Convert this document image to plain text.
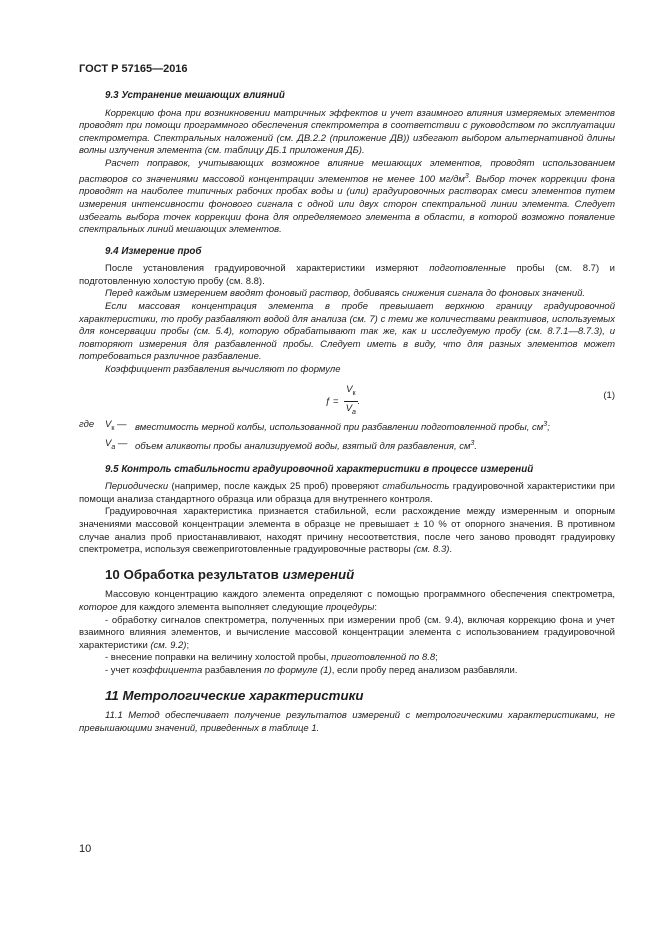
ГОСТ Р 57165—2016
9.3 Устранение мешающих влияний

Коррекцию фона при возникновении матричных эффектов и учет взаимного влияния измеряемых элементов проводят при помощи программного обеспечения спектрометра в соответствии с руководством по эксплуатации спектрометра. Спектральных наложений (см. ДВ.2.2 (приложение ДВ)) избегают выбором альтернативной длины волны излучения элемента (см. таблицу ДБ.1 приложения ДБ).

Расчет поправок, учитывающих возможное влияние мешающих элементов, проводят использованием растворов со значениями массовой концентрации элементов не менее 100 $мг/дм^3$. Выбор точек коррекции фона проводят на наиболее типичных рабочих пробах воды и (или) градуировочных растворах смеси элементов путем измерения интенсивности фонового сигнала с одной или двух сторон спектральной линии элемента. Следует избегать выбора точек коррекции фона для определяемого элемента в области, в которой возможно появление спектральных линий мешающих элементов.

9.4 Измерение проб

После установления градуировочной характеристики измеряют подготовленные пробы (см. 8.7) и подготовленную холостую пробу (см. 8.8).

Перед каждым измерением вводят фоновый раствор, добиваясь снижения сигнала до фоновых значений.

Если массовая концентрация элемента в пробе превышает верхнюю границу градуировочной характеристики, то пробу разбавляют водой для анализа (см. 7) с теми же количествами реактивов, используемых для консервации пробы (см. 5.4), которую обрабатывают так же, как и исследуемую пробу (см. 8.7.1—8.7.3), и повторяют измерения для разбавленной пробы. Следует иметь в виду, что для разных элементов может потребоваться различное разбавление.

Коэффициент разбавления вычисляют по формуле

ƒ = $\frac{V_к}{V_а}$ .
(1)
где	$V_к$ — вместимость мерной колбы, использованной при разбавлении подготовленной пробы, $см^3$;
$V_а$ — объем аликвоты пробы анализируемой воды, взятый для разбавления, $см^3$.
9.5 Контроль стабильности градуировочной характеристики в процессе измерений

Периодически (например, после каждых 25 проб) проверяют стабильность градуировочной характеристики при помощи анализа стандартного образца или образца для внутреннего контроля.

Градуировочная характеристика признается стабильной, если расхождение между измеренным и опорным значениями массовой концентрации элемента в образце не превышает ± 10 % от опорного значения. В противном случае анализ проб приостанавливают, находят причину несоответствия, после чего заново проводят градуировку спектрометра, используя свежеприготовленные градуировочные растворы (см. 8.3).

10 Обработка результатов измерений

Массовую концентрацию каждого элемента определяют с помощью программного обеспечения спектрометра, которое для каждого элемента выполняет следующие процедуры:

- обработку сигналов спектрометра, полученных при измерении проб (см. 9.4), включая коррекцию фона и учет взаимного влияния элементов, и вычисление массовой концентрации элемента с использованием градуировочной характеристики (см. 9.2);

- внесение поправки на величину холостой пробы, приготовленной по 8.8;

- учет коэффициента разбавления по формуле (1), если пробу перед анализом разбавляли.

11 Метрологические характеристики

11.1 Метод обеспечивает получение результатов измерений с метрологическими характеристиками, не превышающими значений, приведенных в таблице 1.

10
